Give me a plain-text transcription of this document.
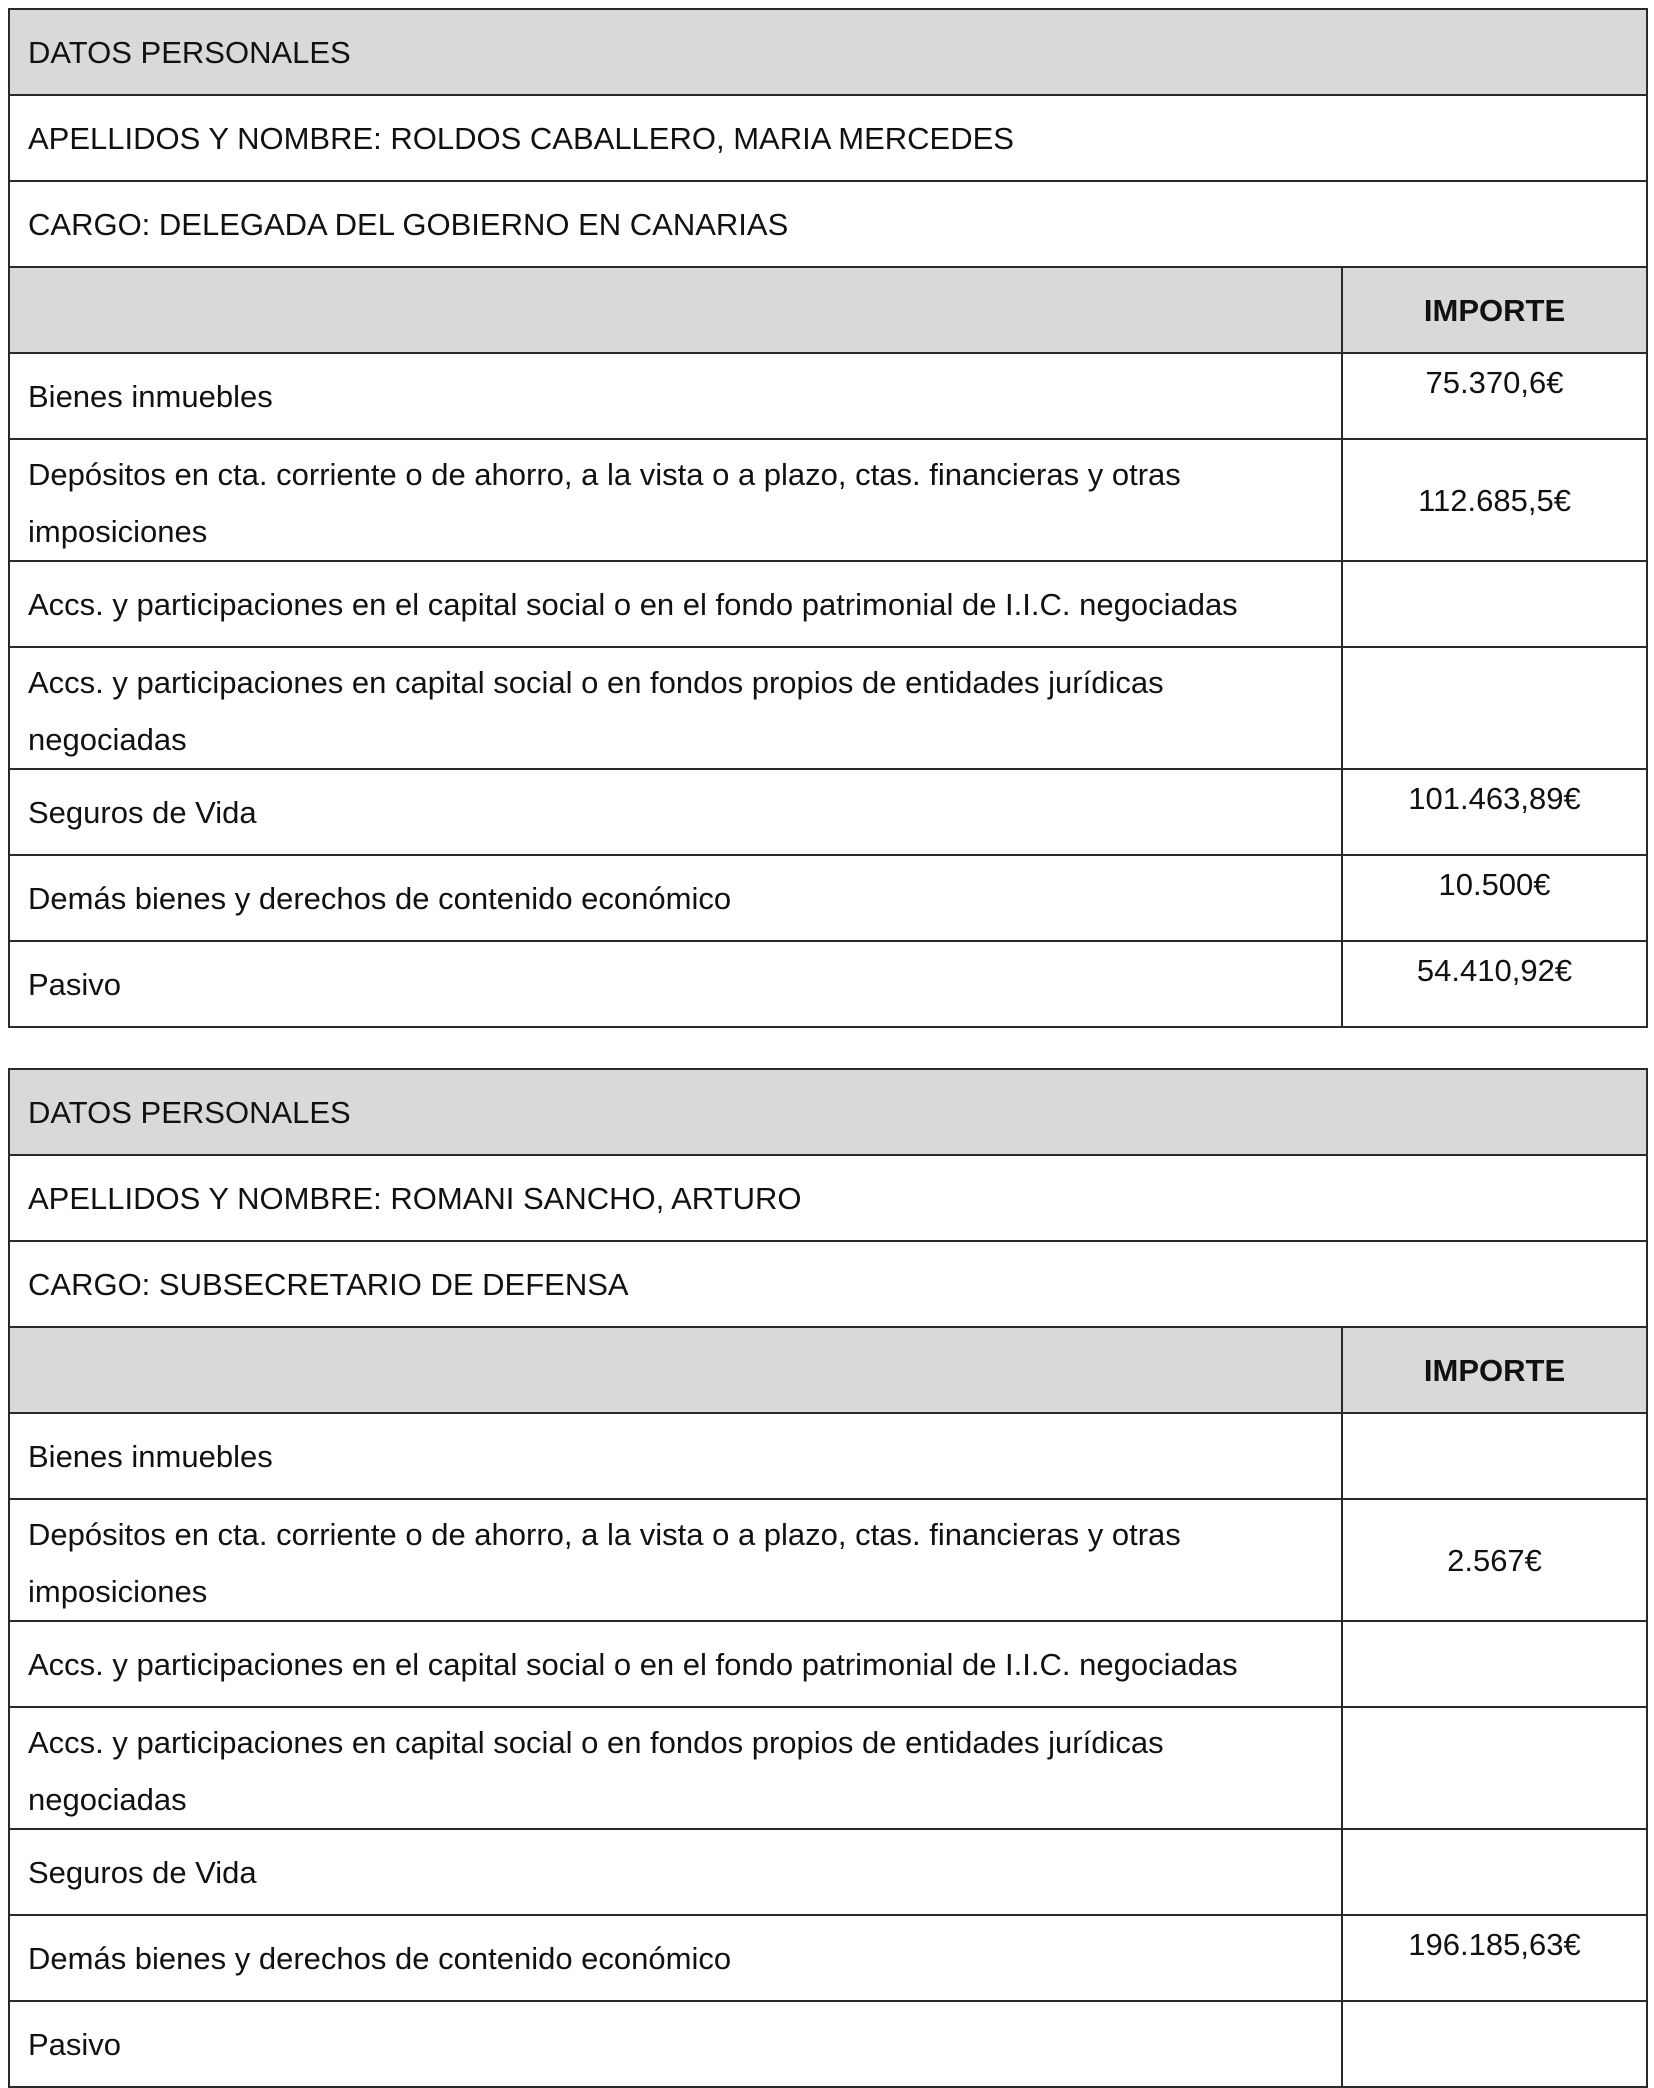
DATOS PERSONALES	
APELLIDOS Y NOMBRE: ROLDOS CABALLERO, MARIA MERCEDES	
CARGO: DELEGADA DEL GOBIERNO EN CANARIAS	
	IMPORTE
Bienes inmuebles	75.370,6€
Depósitos en cta. corriente o de ahorro, a la vista o a plazo, ctas. financieras y otras imposiciones	112.685,5€
Accs. y participaciones en el capital social o en el fondo patrimonial de I.I.C. negociadas	
Accs. y participaciones en capital social o en fondos propios de entidades jurídicas negociadas	
Seguros de Vida	101.463,89€
Demás bienes y derechos de contenido económico	10.500€
Pasivo	54.410,92€
DATOS PERSONALES	
APELLIDOS Y NOMBRE: ROMANI SANCHO, ARTURO	
CARGO: SUBSECRETARIO DE DEFENSA	
	IMPORTE
Bienes inmuebles	
Depósitos en cta. corriente o de ahorro, a la vista o a plazo, ctas. financieras y otras imposiciones	2.567€
Accs. y participaciones en el capital social o en el fondo patrimonial de I.I.C. negociadas	
Accs. y participaciones en capital social o en fondos propios de entidades jurídicas negociadas	
Seguros de Vida	
Demás bienes y derechos de contenido económico	196.185,63€
Pasivo	
